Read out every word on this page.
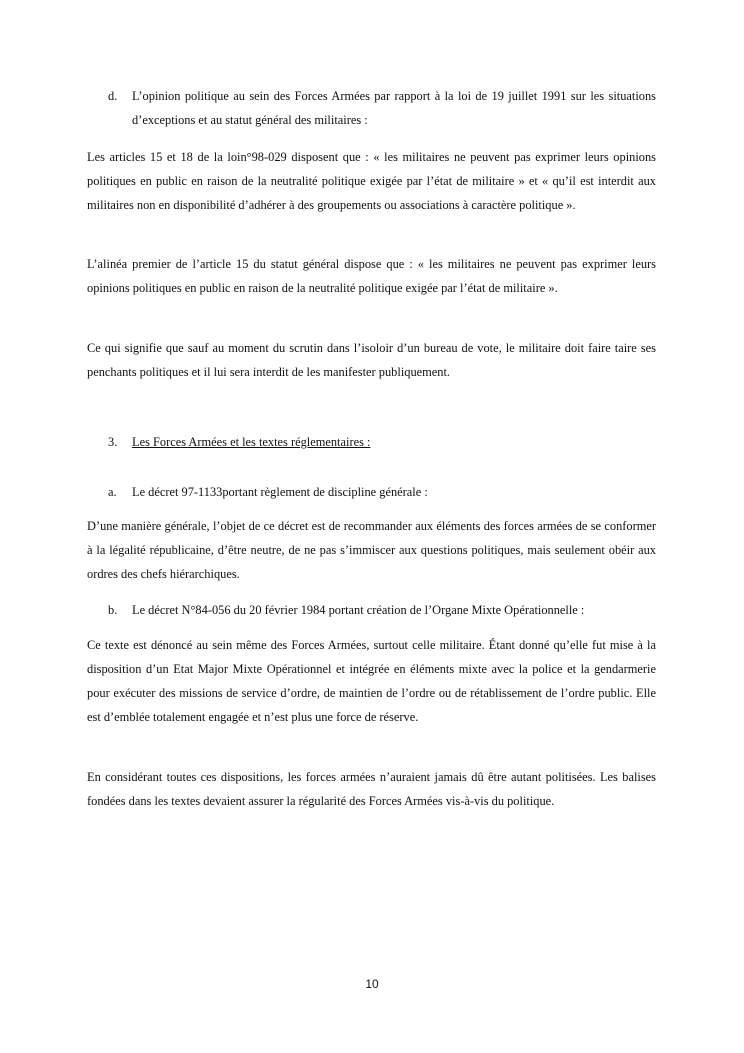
d. L’opinion politique au sein des Forces Armées par rapport à la loi de 19 juillet 1991 sur les situations d’exceptions et au statut général des militaires :

Les articles 15 et 18 de la loin°98-029 disposent que : « les militaires ne peuvent pas exprimer leurs opinions politiques en public en raison de la neutralité politique exigée par l’état de militaire » et « qu’il est interdit aux militaires non en disponibilité d’adhérer à des groupements ou associations à caractère politique ».

L’alinéa premier de l’article 15 du statut général dispose que : « les militaires ne peuvent pas exprimer leurs opinions politiques en public en raison de la neutralité politique exigée par l’état de militaire ».

Ce qui signifie que sauf au moment du scrutin dans l’isoloir d’un bureau de vote, le militaire doit faire taire ses penchants politiques et il lui sera interdit de les manifester publiquement.

3. Les Forces Armées et les textes réglementaires :
a. Le décret 97-1133portant règlement de discipline générale :

D’une manière générale, l’objet de ce décret est de recommander aux éléments des forces armées de se conformer à la légalité républicaine, d’être neutre, de ne pas s’immiscer aux questions politiques, mais seulement obéir aux ordres des chefs hiérarchiques.

b. Le décret N°84-056 du 20 février 1984 portant création de l’Organe Mixte Opérationnelle :

Ce texte est dénoncé au sein même des Forces Armées, surtout celle militaire. Étant donné qu’elle fut mise à la disposition d’un Etat Major Mixte Opérationnel et intégrée en éléments mixte avec la police et la gendarmerie pour exécuter des missions de service d’ordre, de maintien de l’ordre ou de rétablissement de l’ordre public. Elle est d’emblée totalement engagée et n’est plus une force de réserve.

En considérant toutes ces dispositions, les forces armées n’auraient jamais dû être autant politisées. Les balises fondées dans les textes devaient assurer la régularité des Forces Armées vis-à-vis du politique.

10
